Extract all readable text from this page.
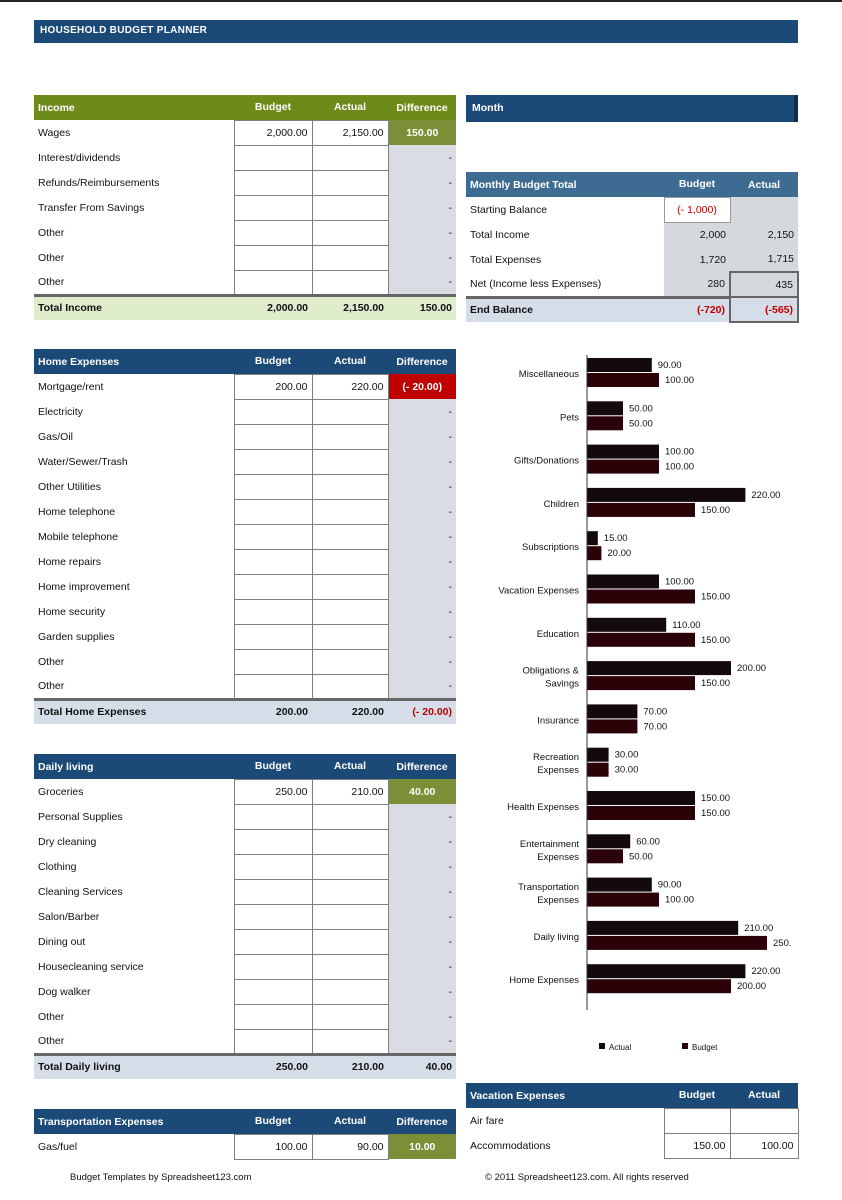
HOUSEHOLD BUDGET PLANNER
Income	Budget	Actual	Difference
Wages	2,000.00	2,150.00	150.00
Interest/dividends			-
Refunds/Reimbursements			-
Transfer From Savings			-
Other			-
Other			-
Other			-
Total Income	2,000.00	2,150.00	150.00
Home Expenses	Budget	Actual	Difference
Mortgage/rent	200.00	220.00	(- 20.00)
Electricity			-
Gas/Oil			-
Water/Sewer/Trash			-
Other Utilities			-
Home telephone			-
Mobile telephone			-
Home repairs			-
Home improvement			-
Home security			-
Garden supplies			-
Other			-
Other			-
Total Home Expenses	200.00	220.00	(- 20.00)
Daily living	Budget	Actual	Difference
Groceries	250.00	210.00	40.00
Personal Supplies			-
Dry cleaning			-
Clothing			-
Cleaning Services			-
Salon/Barber			-
Dining out			-
Housecleaning service			-
Dog walker			-
Other			-
Other			-
Total Daily living	250.00	210.00	40.00
Transportation Expenses	Budget	Actual	Difference
Gas/fuel	100.00	90.00	10.00
Month
Monthly Budget Total	Budget	Actual
Starting Balance	(- 1,000)	
Total Income	2,000	2,150
Total Expenses	1,720	1,715
Net (Income less Expenses)	280	435
End Balance	(-720)	(-565)
Miscellaneous
90.00
100.00
Pets
50.00
50.00
Gifts/Donations
100.00
100.00
Children
220.00
150.00
Subscriptions
15.00
20.00
Vacation Expenses
100.00
150.00
Education
110.00
150.00
Obligations &
Savings
200.00
150.00
Insurance
70.00
70.00
Recreation
Expenses
30.00
30.00
Health Expenses
150.00
150.00
Entertainment
Expenses
60.00
50.00
Transportation
Expenses
90.00
100.00
Daily living
210.00
250.
Home Expenses
220.00
200.00
Actual	Budget
Vacation Expenses	Budget	Actual
Air fare		
Accommodations	150.00	100.00
Budget Templates by Spreadsheet123.com	© 2011 Spreadsheet123.com. All rights reserved
